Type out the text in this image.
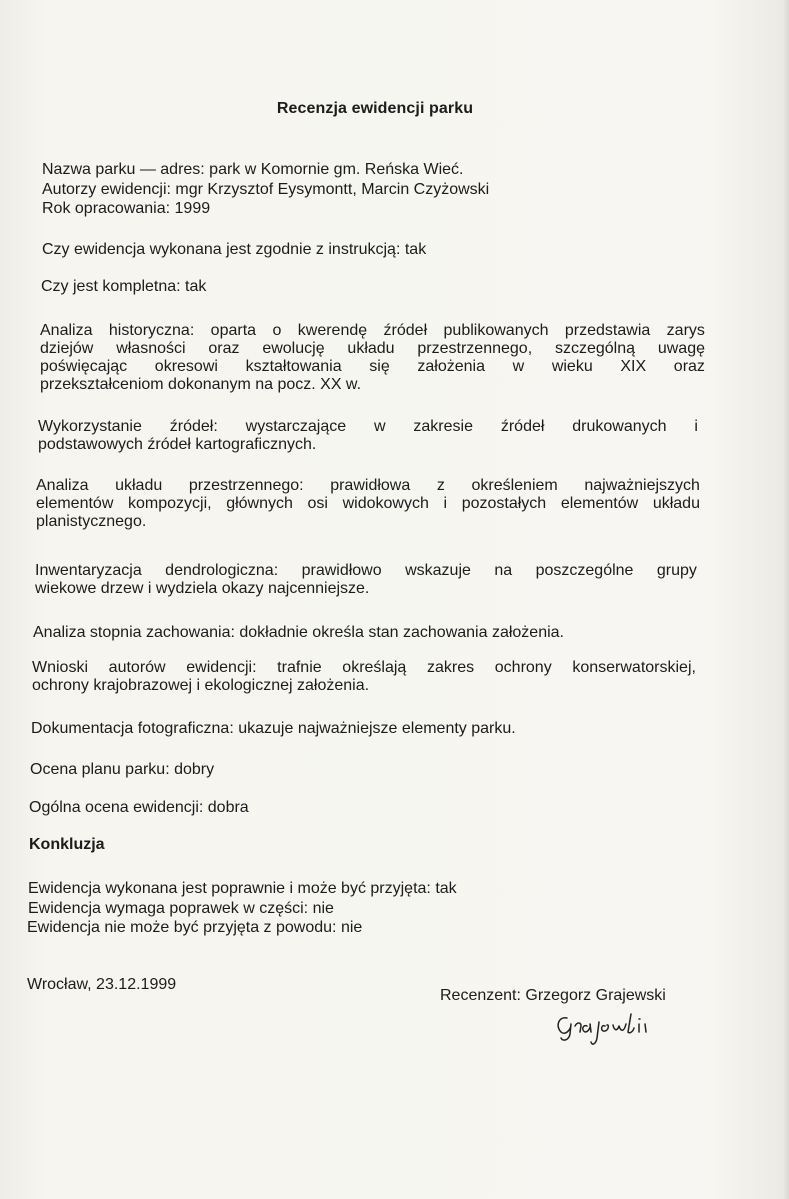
Recenzja ewidencji parku
Nazwa parku — adres: park w Komornie gm. Reńska Wieć.
Autorzy ewidencji: mgr Krzysztof Eysymontt, Marcin Czyżowski
Rok opracowania: 1999
Czy ewidencja wykonana jest zgodnie z instrukcją: tak
Czy jest kompletna: tak
Analiza historyczna: oparta o kwerendę źródeł publikowanych przedstawia zarys
dziejów własności oraz ewolucję układu przestrzennego, szczególną uwagę
poświęcając okresowi kształtowania się założenia w wieku XIX oraz
przekształceniom dokonanym na pocz. XX w.
Wykorzystanie źródeł: wystarczające w zakresie źródeł drukowanych i
podstawowych źródeł kartograficznych.
Analiza układu przestrzennego: prawidłowa z określeniem najważniejszych
elementów kompozycji, głównych osi widokowych i pozostałych elementów układu
planistycznego.
Inwentaryzacja dendrologiczna: prawidłowo wskazuje na poszczególne grupy
wiekowe drzew i wydziela okazy najcenniejsze.
Analiza stopnia zachowania: dokładnie określa stan zachowania założenia.
Wnioski autorów ewidencji: trafnie określają zakres ochrony konserwatorskiej,
ochrony krajobrazowej i ekologicznej założenia.
Dokumentacja fotograficzna: ukazuje najważniejsze elementy parku.
Ocena planu parku: dobry
Ogólna ocena ewidencji: dobra
Konkluzja
Ewidencja wykonana jest poprawnie i może być przyjęta: tak
Ewidencja wymaga poprawek w części: nie
Ewidencja nie może być przyjęta z powodu: nie
Wrocław, 23.12.1999
Recenzent: Grzegorz Grajewski
